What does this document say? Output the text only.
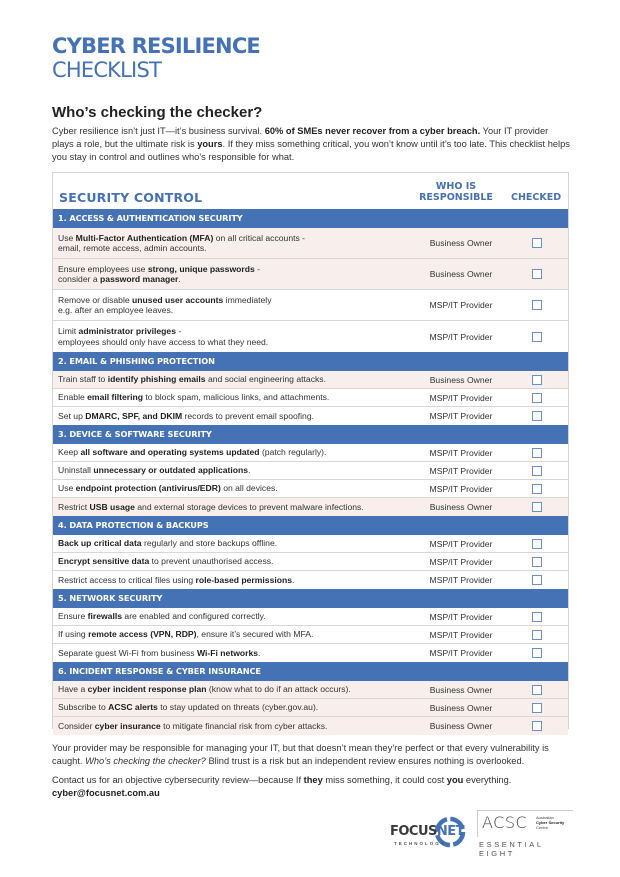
CYBER RESILIENCE
CHECKLIST
Who’s checking the checker?
Cyber resilience isn’t just IT—it’s business survival. 60% of SMEs never recover from a cyber breach. Your IT provider plays a role, but the ultimate risk is yours. If they miss something critical, you won’t know until it’s too late. This checklist helps you stay in control and outlines who’s responsible for what.
SECURITY CONTROL
WHO IS
RESPONSIBLE	CHECKED
1. ACCESS & AUTHENTICATION SECURITY
Use Multi-Factor Authentication (MFA) on all critical accounts -
email, remote access, admin accounts.	Business Owner
Ensure employees use strong, unique passwords -
consider a password manager.	Business Owner
Remove or disable unused user accounts immediately
e.g. after an employee leaves.	MSP/IT Provider
Limit administrator privileges -
employees should only have access to what they need.	MSP/IT Provider
2. EMAIL & PHISHING PROTECTION
Train staff to identify phishing emails and social engineering attacks.	Business Owner
Enable email filtering to block spam, malicious links, and attachments.	MSP/IT Provider
Set up DMARC, SPF, and DKIM records to prevent email spoofing.	MSP/IT Provider
3. DEVICE & SOFTWARE SECURITY
Keep all software and operating systems updated (patch regularly).	MSP/IT Provider
Uninstall unnecessary or outdated applications.	MSP/IT Provider
Use endpoint protection (antivirus/EDR) on all devices.	MSP/IT Provider
Restrict USB usage and external storage devices to prevent malware infections.	Business Owner
4. DATA PROTECTION & BACKUPS
Back up critical data regularly and store backups offline.	MSP/IT Provider
Encrypt sensitive data to prevent unauthorised access.	MSP/IT Provider
Restrict access to critical files using role-based permissions.	MSP/IT Provider
5. NETWORK SECURITY
Ensure firewalls are enabled and configured correctly.	MSP/IT Provider
If using remote access (VPN, RDP), ensure it’s secured with MFA.	MSP/IT Provider
Separate guest Wi-Fi from business Wi-Fi networks.	MSP/IT Provider
6. INCIDENT RESPONSE & CYBER INSURANCE
Have a cyber incident response plan (know what to do if an attack occurs).	Business Owner
Subscribe to ACSC alerts to stay updated on threats (cyber.gov.au).	Business Owner
Consider cyber insurance to mitigate financial risk from cyber attacks.	Business Owner
Your provider may be responsible for managing your IT, but that doesn’t mean they’re perfect or that every vulnerability is caught. Who’s checking the checker? Blind trust is a risk but an independent review ensures nothing is overlooked.
Contact us for an objective cybersecurity review—because If they miss something, it could cost you everything.
cyber@focusnet.com.au
FOCUSNET
TECHNOLOGY
ACSC Australian
Cyber Security
Centre
ESSENTIAL EIGHT
